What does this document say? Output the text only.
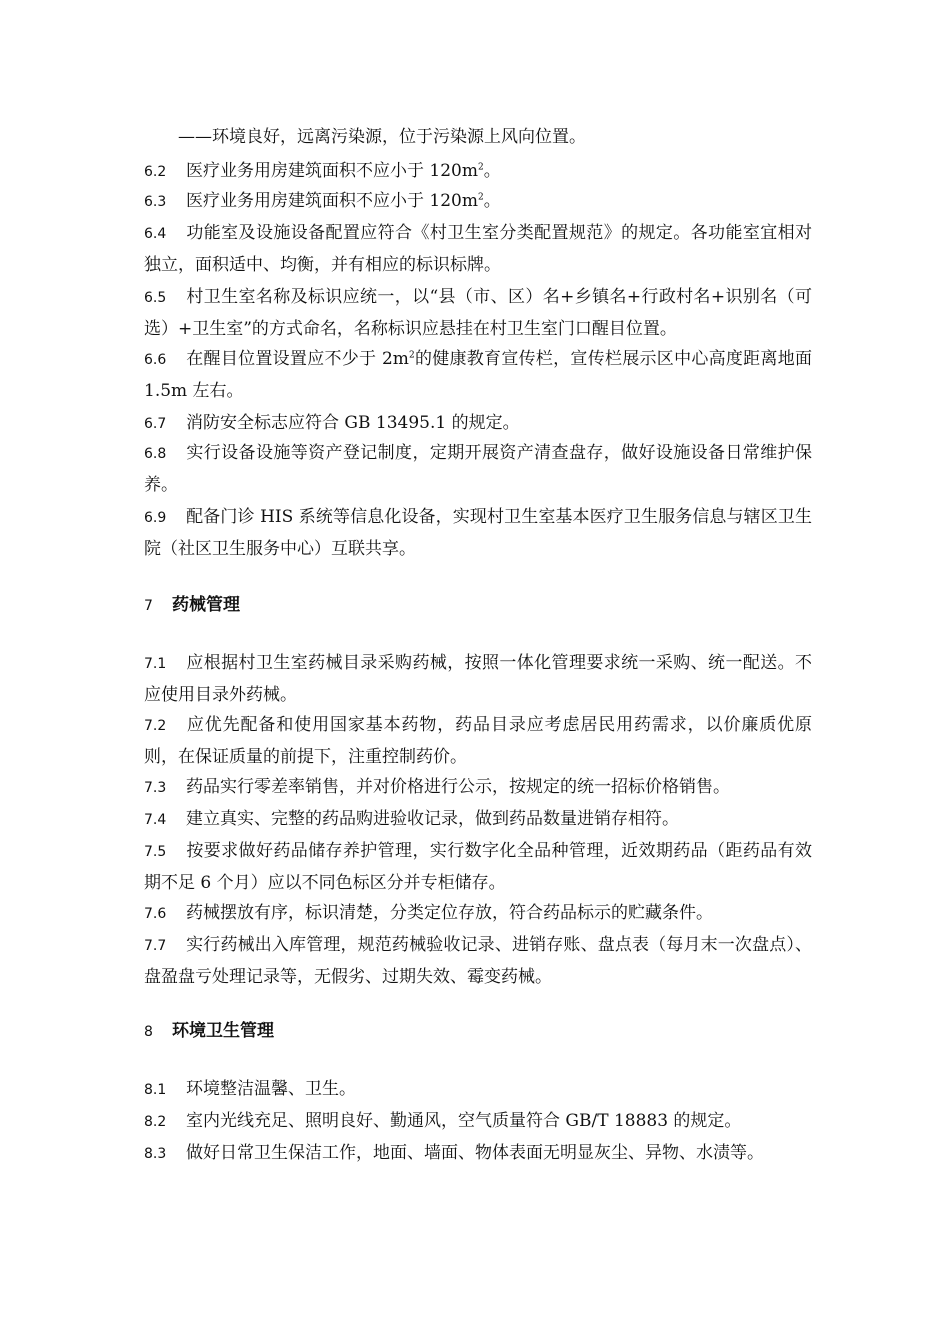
——环境良好，远离污染源，位于污染源上风向位置。
6.2 医疗业务用房建筑面积不应小于 $120m^2$。
6.3 医疗业务用房建筑面积不应小于 $120m^2$。
6.4 功能室及设施设备配置应符合《村卫生室分类配置规范》的规定。各功能室宜相对独立，面积适中、均衡，并有相应的标识标牌。
6.5 村卫生室名称及标识应统一，以“县（市、区）名+乡镇名+行政村名+识别名（可选）+卫生室”的方式命名，名称标识应悬挂在村卫生室门口醒目位置。
6.6 在醒目位置设置应不少于 $2m^2$的健康教育宣传栏，宣传栏展示区中心高度距离地面 1.5m 左右。
6.7 消防安全标志应符合 GB 13495.1 的规定。
6.8 实行设备设施等资产登记制度，定期开展资产清查盘存，做好设施设备日常维护保养。
6.9 配备门诊 HIS 系统等信息化设备，实现村卫生室基本医疗卫生服务信息与辖区卫生院（社区卫生服务中心）互联共享。
7 药械管理
7.1 应根据村卫生室药械目录采购药械，按照一体化管理要求统一采购、统一配送。不应使用目录外药械。
7.2 应优先配备和使用国家基本药物，药品目录应考虑居民用药需求，以价廉质优原则，在保证质量的前提下，注重控制药价。
7.3 药品实行零差率销售，并对价格进行公示，按规定的统一招标价格销售。
7.4 建立真实、完整的药品购进验收记录，做到药品数量进销存相符。
7.5 按要求做好药品储存养护管理，实行数字化全品种管理，近效期药品（距药品有效期不足 6 个月）应以不同色标区分并专柜储存。
7.6 药械摆放有序，标识清楚，分类定位存放，符合药品标示的贮藏条件。
7.7 实行药械出入库管理，规范药械验收记录、进销存账、盘点表（每月末一次盘点）、盘盈盘亏处理记录等，无假劣、过期失效、霉变药械。
8 环境卫生管理
8.1 环境整洁温馨、卫生。
8.2 室内光线充足、照明良好、勤通风，空气质量符合 GB/T 18883 的规定。
8.3 做好日常卫生保洁工作，地面、墙面、物体表面无明显灰尘、异物、水渍等。
